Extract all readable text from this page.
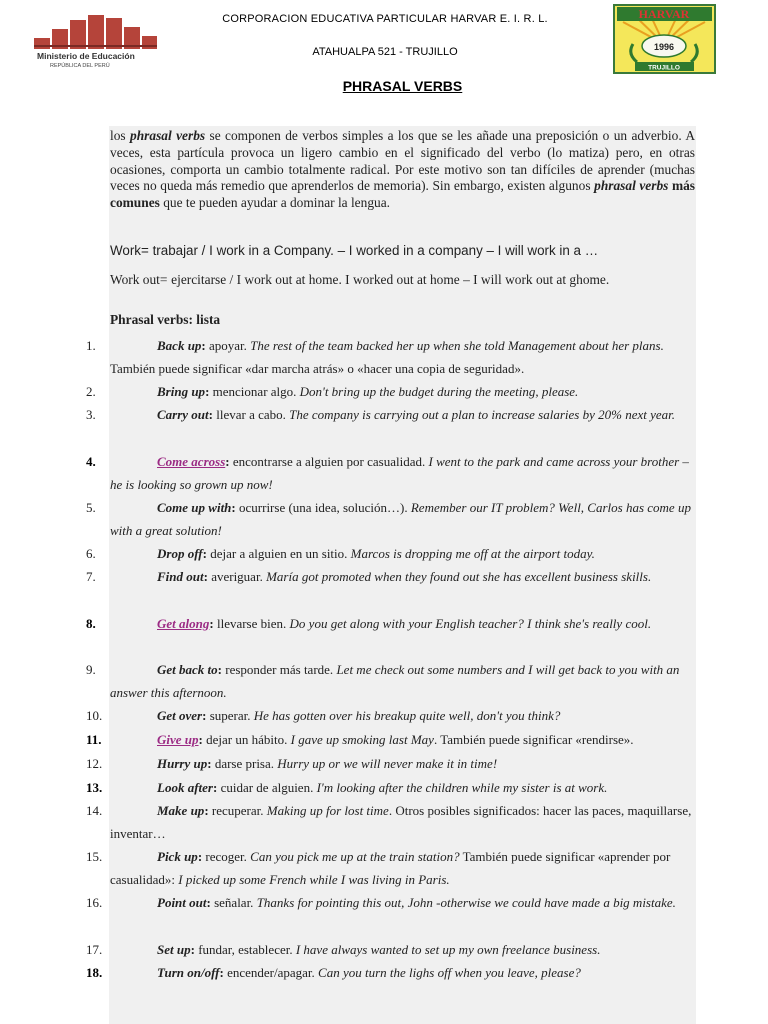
Ministerio de Educación
REPÚBLICA DEL PERÚ
CORPORACION EDUCATIVA PARTICULAR HARVAR E. I. R. L.
ATAHUALPA 521 - TRUJILLO
HARVAR
1996
TRUJILLO
PHRASAL VERBS
los phrasal verbs se componen de verbos simples a los que se les añade una preposición o un adverbio. A veces, esta partícula provoca un ligero cambio en el significado del verbo (lo matiza) pero, en otras ocasiones, comporta un cambio totalmente radical. Por este motivo son tan difíciles de aprender (muchas veces no queda más remedio que aprenderlos de memoria). Sin embargo, existen algunos phrasal verbs más comunes que te pueden ayudar a dominar la lengua.
Work= trabajar / I work in a Company. – I worked in a company – I will work in a …
Work out= ejercitarse / I work out at home. I worked out at home – I will work out at ghome.
Phrasal verbs: lista
1.	Back up: apoyar. The rest of the team backed her up when she told Management about her plans. También puede significar «dar marcha atrás» o «hacer una copia de seguridad».
2.	Bring up: mencionar algo. Don't bring up the budget during the meeting, please.
3.	Carry out: llevar a cabo. The company is carrying out a plan to increase salaries by 20% next year.
4.	Come across: encontrarse a alguien por casualidad. I went to the park and came across your brother – he is looking so grown up now!
5.	Come up with: ocurrirse (una idea, solución…). Remember our IT problem? Well, Carlos has come up with a great solution!
6.	Drop off: dejar a alguien en un sitio. Marcos is dropping me off at the airport today.
7.	Find out: averiguar. María got promoted when they found out she has excellent business skills.
8.	Get along: llevarse bien. Do you get along with your English teacher? I think she's really cool.
9.	Get back to: responder más tarde. Let me check out some numbers and I will get back to you with an answer this afternoon.
10.	Get over: superar. He has gotten over his breakup quite well, don't you think?
11.	Give up: dejar un hábito. I gave up smoking last May. También puede significar «rendirse».
12.	Hurry up: darse prisa. Hurry up or we will never make it in time!
13.	Look after: cuidar de alguien. I'm looking after the children while my sister is at work.
14.	Make up: recuperar. Making up for lost time. Otros posibles significados: hacer las paces, maquillarse, inventar…
15.	Pick up: recoger. Can you pick me up at the train station? También puede significar «aprender por casualidad»: I picked up some French while I was living in Paris.
16.	Point out: señalar. Thanks for pointing this out, John -otherwise we could have made a big mistake.
17.	Set up: fundar, establecer. I have always wanted to set up my own freelance business.
18.	Turn on/off: encender/apagar. Can you turn the lighs off when you leave, please?
